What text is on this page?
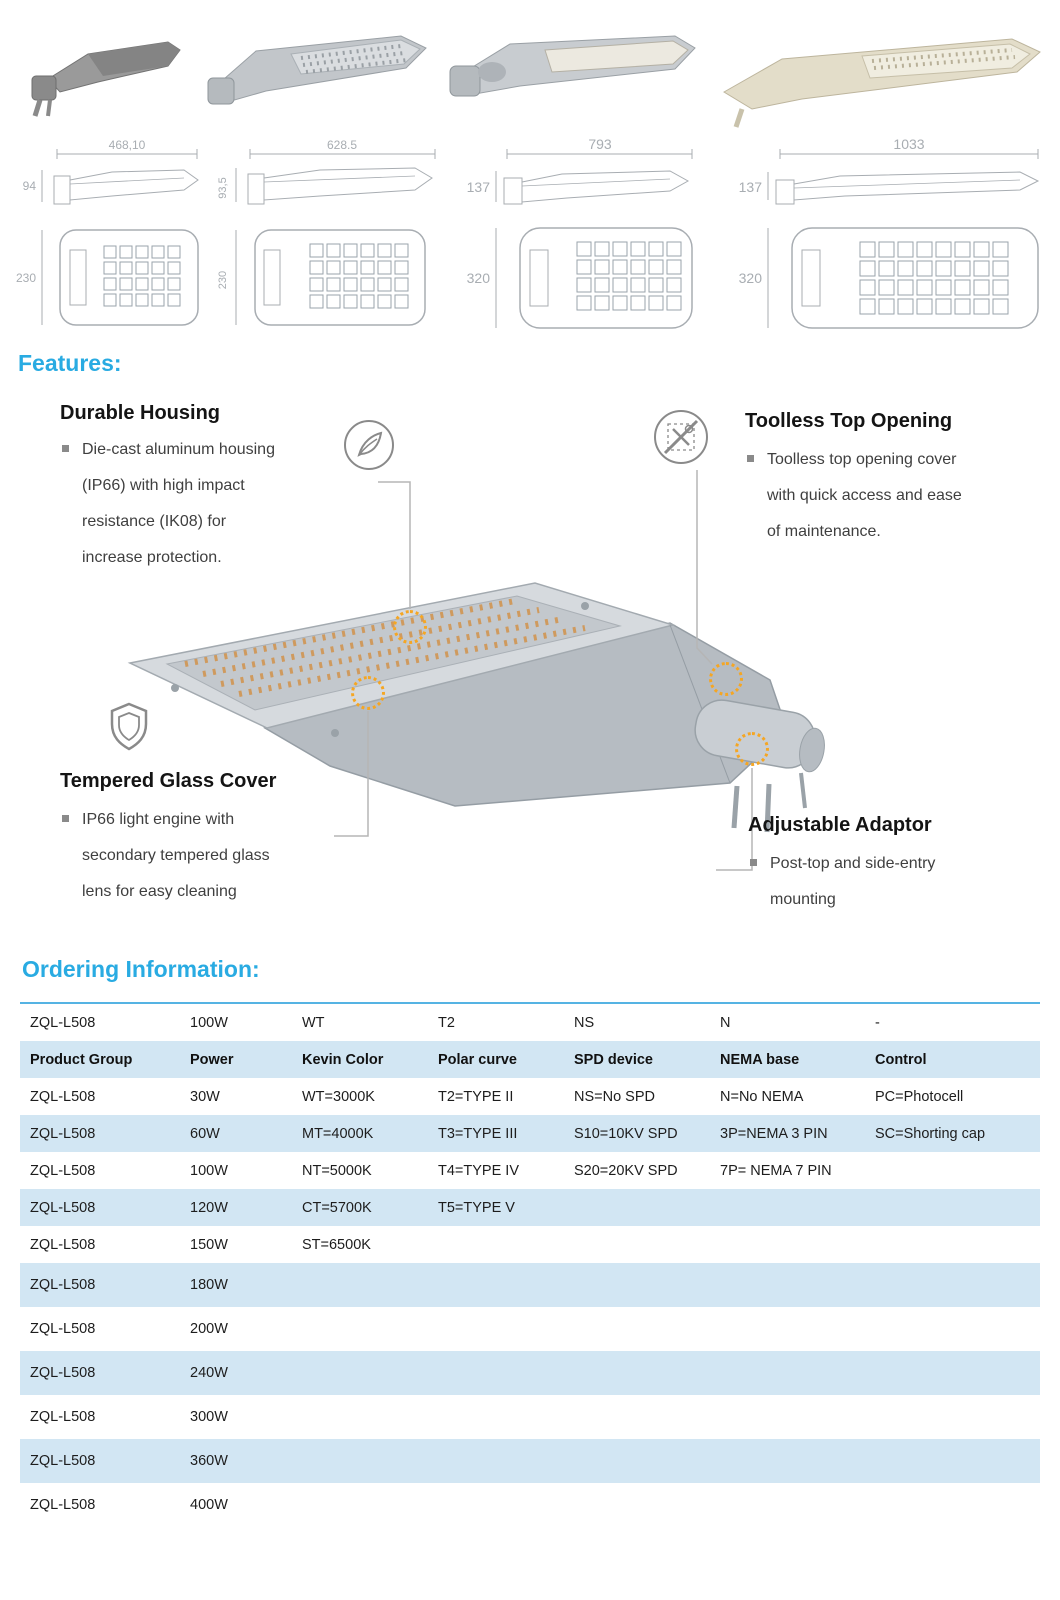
468,10
94
230
628.5
93,5
230
793
137
320
1033
137
320
Features:
Durable Housing
Die-cast aluminum housing
(IP66) with high impact
resistance (IK08) for
increase protection.
Toolless Top Opening
Toolless top opening cover
with quick access and ease
of maintenance.
Tempered Glass Cover
IP66 light engine with
secondary tempered glass
lens for easy cleaning
Adjustable Adaptor
Post-top and side-entry
mounting
Ordering Information:
ZQL-L508	100W	WT	T2	NS	N	-
Product Group	Power	Kevin Color	Polar curve	SPD device	NEMA base	Control
ZQL-L508	30W	WT=3000K	T2=TYPE II	NS=No SPD	N=No NEMA	PC=Photocell
ZQL-L508	60W	MT=4000K	T3=TYPE III	S10=10KV SPD	3P=NEMA 3 PIN	SC=Shorting cap
ZQL-L508	100W	NT=5000K	T4=TYPE IV	S20=20KV SPD	7P= NEMA 7 PIN	
ZQL-L508	120W	CT=5700K	T5=TYPE V			
ZQL-L508	150W	ST=6500K				
ZQL-L508	180W					
ZQL-L508	200W					
ZQL-L508	240W					
ZQL-L508	300W					
ZQL-L508	360W					
ZQL-L508	400W					
